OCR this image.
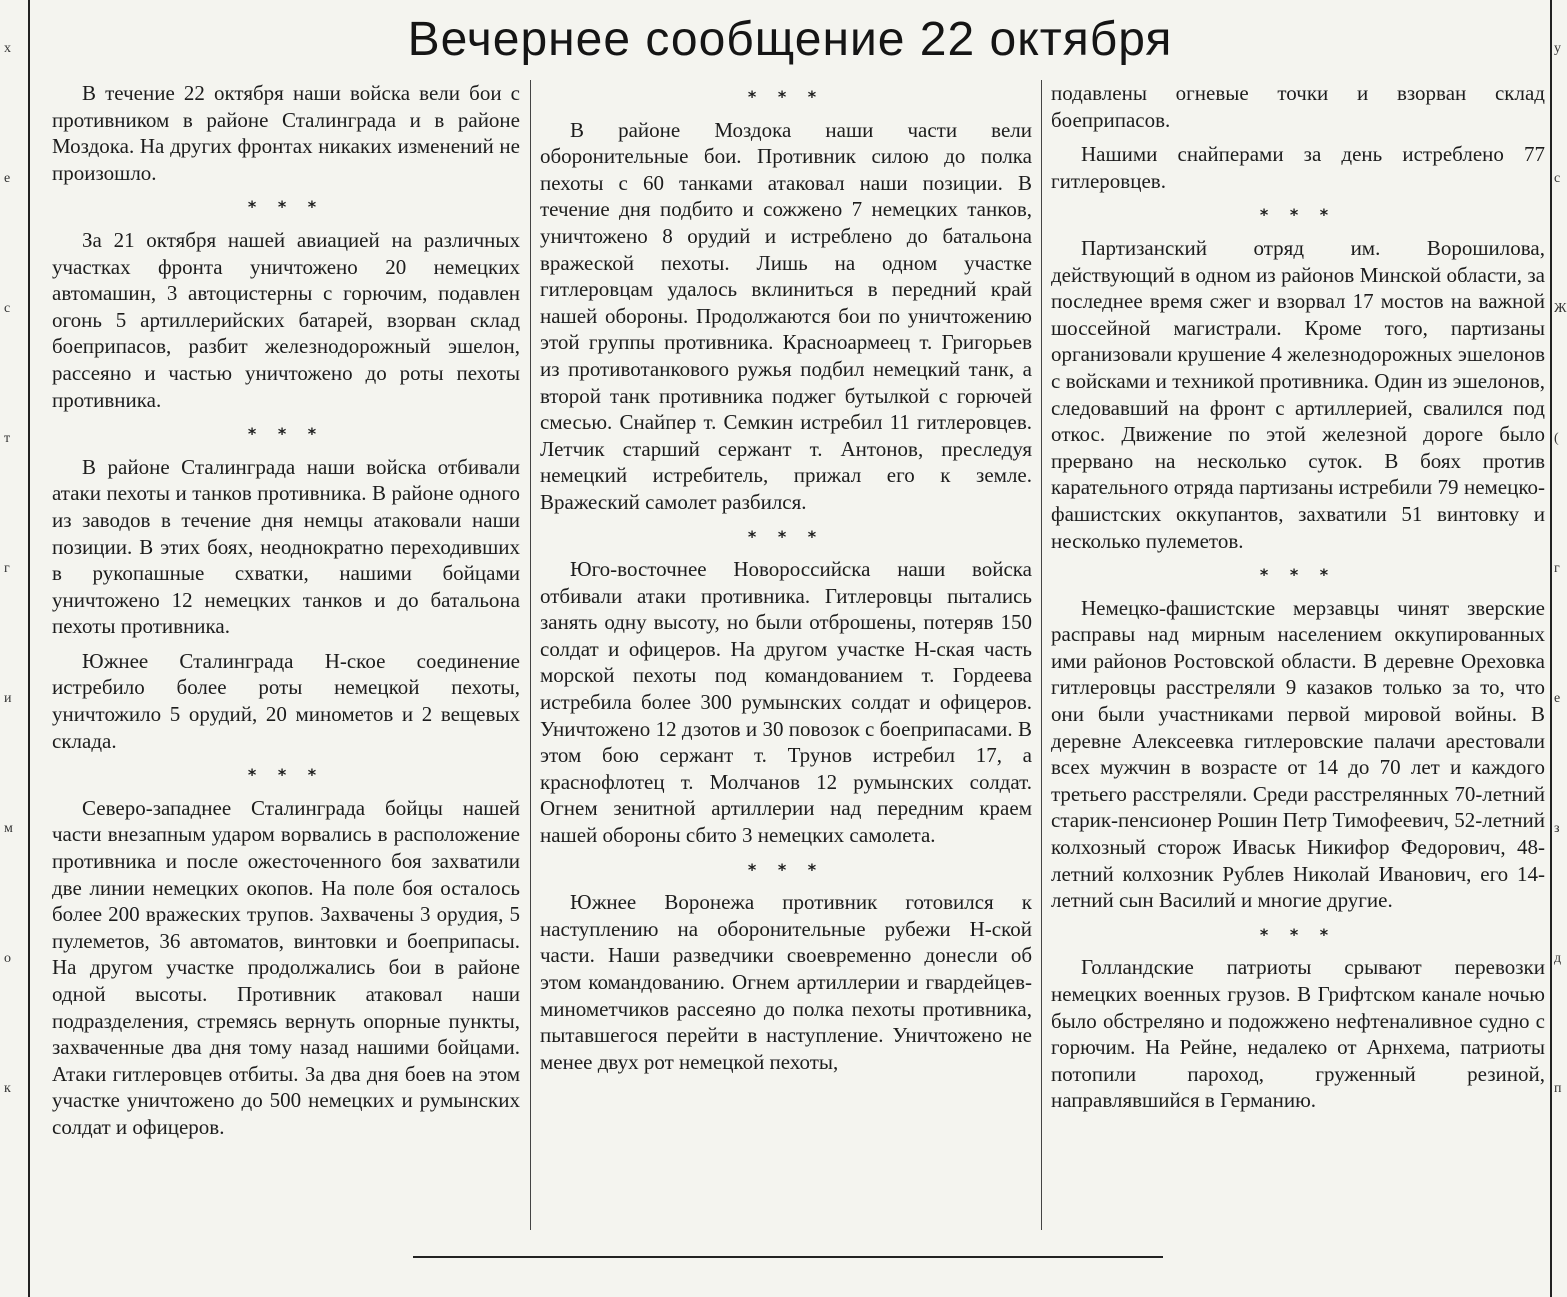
Вечернее сообщение 22 октября

В течение 22 октября наши войска вели бои с противником в районе Сталинграда и в районе Моздока. На других фронтах никаких изменений не произошло.

* * *

За 21 октября нашей авиацией на различных участках фронта уничтожено 20 немецких автомашин, 3 автоцистерны с горючим, подавлен огонь 5 артиллерийских батарей, взорван склад боеприпасов, разбит железнодорожный эшелон, рассеяно и частью уничтожено до роты пехоты противника.

* * *

В районе Сталинграда наши войска отбивали атаки пехоты и танков противника. В районе одного из заводов в течение дня немцы атаковали наши позиции. В этих боях, неоднократно переходивших в рукопашные схватки, нашими бойцами уничтожено 12 немецких танков и до батальона пехоты противника.

Южнее Сталинграда Н-ское соединение истребило более роты немецкой пехоты, уничтожило 5 орудий, 20 минометов и 2 вещевых склада.

* * *

Северо-западнее Сталинграда бойцы нашей части внезапным ударом ворвались в расположение противника и после ожесточенного боя захватили две линии немецких окопов. На поле боя осталось более 200 вражеских трупов. Захвачены 3 орудия, 5 пулеметов, 36 автоматов, винтовки и боеприпасы. На другом участке продолжались бои в районе одной высоты. Противник атаковал наши подразделения, стремясь вернуть опорные пункты, захваченные два дня тому назад нашими бойцами. Атаки гитлеровцев отбиты. За два дня боев на этом участке уничтожено до 500 немецких и румынских солдат и офицеров.

* * *

В районе Моздока наши части вели оборонительные бои. Противник силою до полка пехоты с 60 танками атаковал наши позиции. В течение дня подбито и сожжено 7 немецких танков, уничтожено 8 орудий и истреблено до батальона вражеской пехоты. Лишь на одном участке гитлеровцам удалось вклиниться в передний край нашей обороны. Продолжаются бои по уничтожению этой группы противника. Красноармеец т. Григорьев из противотанкового ружья подбил немецкий танк, а второй танк противника поджег бутылкой с горючей смесью. Снайпер т. Семкин истребил 11 гитлеровцев. Летчик старший сержант т. Антонов, преследуя немецкий истребитель, прижал его к земле. Вражеский самолет разбился.

* * *

Юго-восточнее Новороссийска наши войска отбивали атаки противника. Гитлеровцы пытались занять одну высоту, но были отброшены, потеряв 150 солдат и офицеров. На другом участке Н-ская часть морской пехоты под командованием т. Гордеева истребила более 300 румынских солдат и офицеров. Уничтожено 12 дзотов и 30 повозок с боеприпасами. В этом бою сержант т. Трунов истребил 17, а краснофлотец т. Молчанов 12 румынских солдат. Огнем зенитной артиллерии над передним краем нашей обороны сбито 3 немецких самолета.

* * *

Южнее Воронежа противник готовился к наступлению на оборонительные рубежи Н-ской части. Наши разведчики своевременно донесли об этом командованию. Огнем артиллерии и гвардейцев-минометчиков рассеяно до полка пехоты противника, пытавшегося перейти в наступление. Уничтожено не менее двух рот немецкой пехоты,

подавлены огневые точки и взорван склад боеприпасов.

Нашими снайперами за день истреблено 77 гитлеровцев.

* * *

Партизанский отряд им. Ворошилова, действующий в одном из районов Минской области, за последнее время сжег и взорвал 17 мостов на важной шоссейной магистрали. Кроме того, партизаны организовали крушение 4 железнодорожных эшелонов с войсками и техникой противника. Один из эшелонов, следовавший на фронт с артиллерией, свалился под откос. Движение по этой железной дороге было прервано на несколько суток. В боях против карательного отряда партизаны истребили 79 немецко-фашистских оккупантов, захватили 51 винтовку и несколько пулеметов.

* * *

Немецко-фашистские мерзавцы чинят зверские расправы над мирным населением оккупированных ими районов Ростовской области. В деревне Ореховка гитлеровцы расстреляли 9 казаков только за то, что они были участниками первой мировой войны. В деревне Алексеевка гитлеровские палачи арестовали всех мужчин в возрасте от 14 до 70 лет и каждого третьего расстреляли. Среди расстрелянных 70-летний старик-пенсионер Рошин Петр Тимофеевич, 52-летний колхозный сторож Иваськ Никифор Федорович, 48-летний колхозник Рублев Николай Иванович, его 14-летний сын Василий и многие другие.

* * *

Голландские патриоты срывают перевозки немецких военных грузов. В Грифтском канале ночью было обстреляно и подожжено нефтеналивное судно с горючим. На Рейне, недалеко от Арнхема, патриоты потопили пароход, груженный резиной, направлявшийся в Германию.

х
е
с
т
г
и
м
о
к
у
с
Ж
(
г
е
з
д
п
